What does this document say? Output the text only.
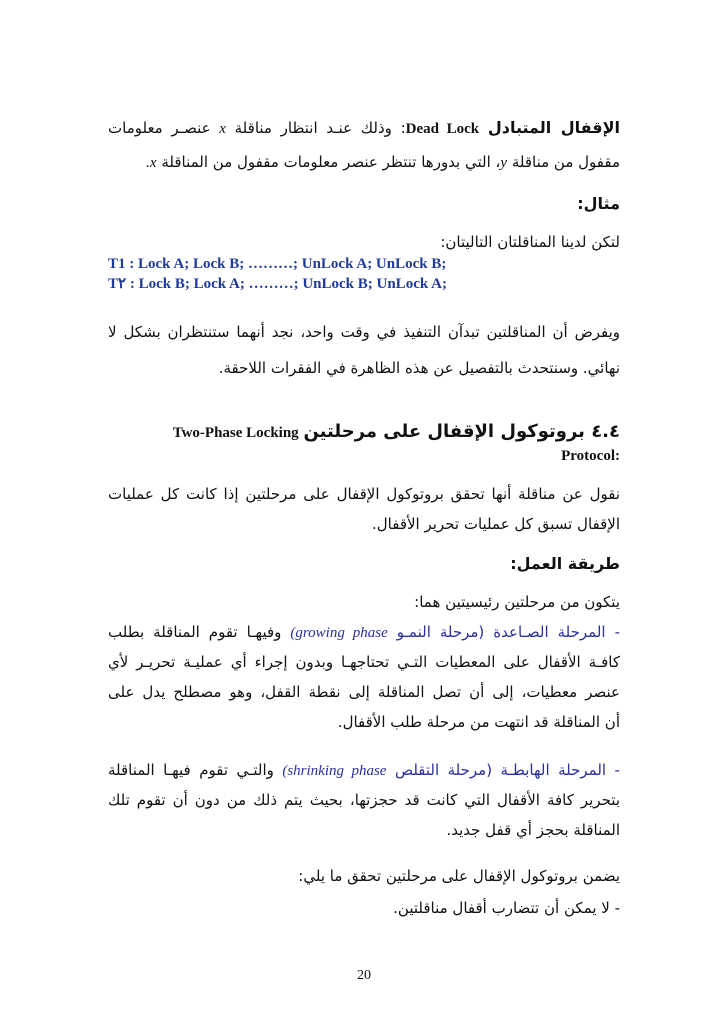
الإقفال المتبادل Dead Lock: وذلك عنـد انتظار مناقلة x عنصـر معلومات
مقفول من مناقلة y، التي بدورها تنتظر عنصر معلومات مقفول من المناقلة x.
مثال:
لتكن لدينا المناقلتان التاليتان:
T1 : Lock A; Lock B; ………; UnLock A; UnLock B;
T٢ : Lock B; Lock A; ………; UnLock B; UnLock A;
ويفرض أن المناقلتين تبدآن التنفيذ في وقت واحد، نجد أنهما ستنتظران بشكل لا
نهائي. وسنتحدث بالتفصيل عن هذه الظاهرة في الفقرات اللاحقة.
٤.٤ بروتوكول الإقفال على مرحلتين Two-Phase Locking
:Protocol
نقول عن مناقلة أنها تحقق بروتوكول الإقفال على مرحلتين إذا كانت كل عمليات
الإقفال تسبق كل عمليات تحرير الأقفال.
طريقة العمل:
يتكون من مرحلتين رئيسيتين هما:
- المرحلة الصـاعدة (مرحلة النمـو growing phase) وفيهـا تقوم المناقلة بطلب
كافـة الأقفال على المعطيات التـي تحتاجهـا وبدون إجراء أي عمليـة تحريـر لأي
عنصر معطيات، إلى أن تصل المناقلة إلى نقطة القفل، وهو مصطلح يدل على
أن المناقلة قد انتهت من مرحلة طلب الأقفال.
- المرحلة الهابطـة (مرحلة التقلص shrinking phase) والتـي تقوم فيهـا المناقلة
بتحرير كافة الأقفال التي كانت قد حجزتها، بحيث يتم ذلك من دون أن تقوم تلك
المناقلة بحجز أي قفل جديد.
يضمن بروتوكول الإقفال على مرحلتين تحقق ما يلي:
- لا يمكن أن تتضارب أقفال مناقلتين.
20
